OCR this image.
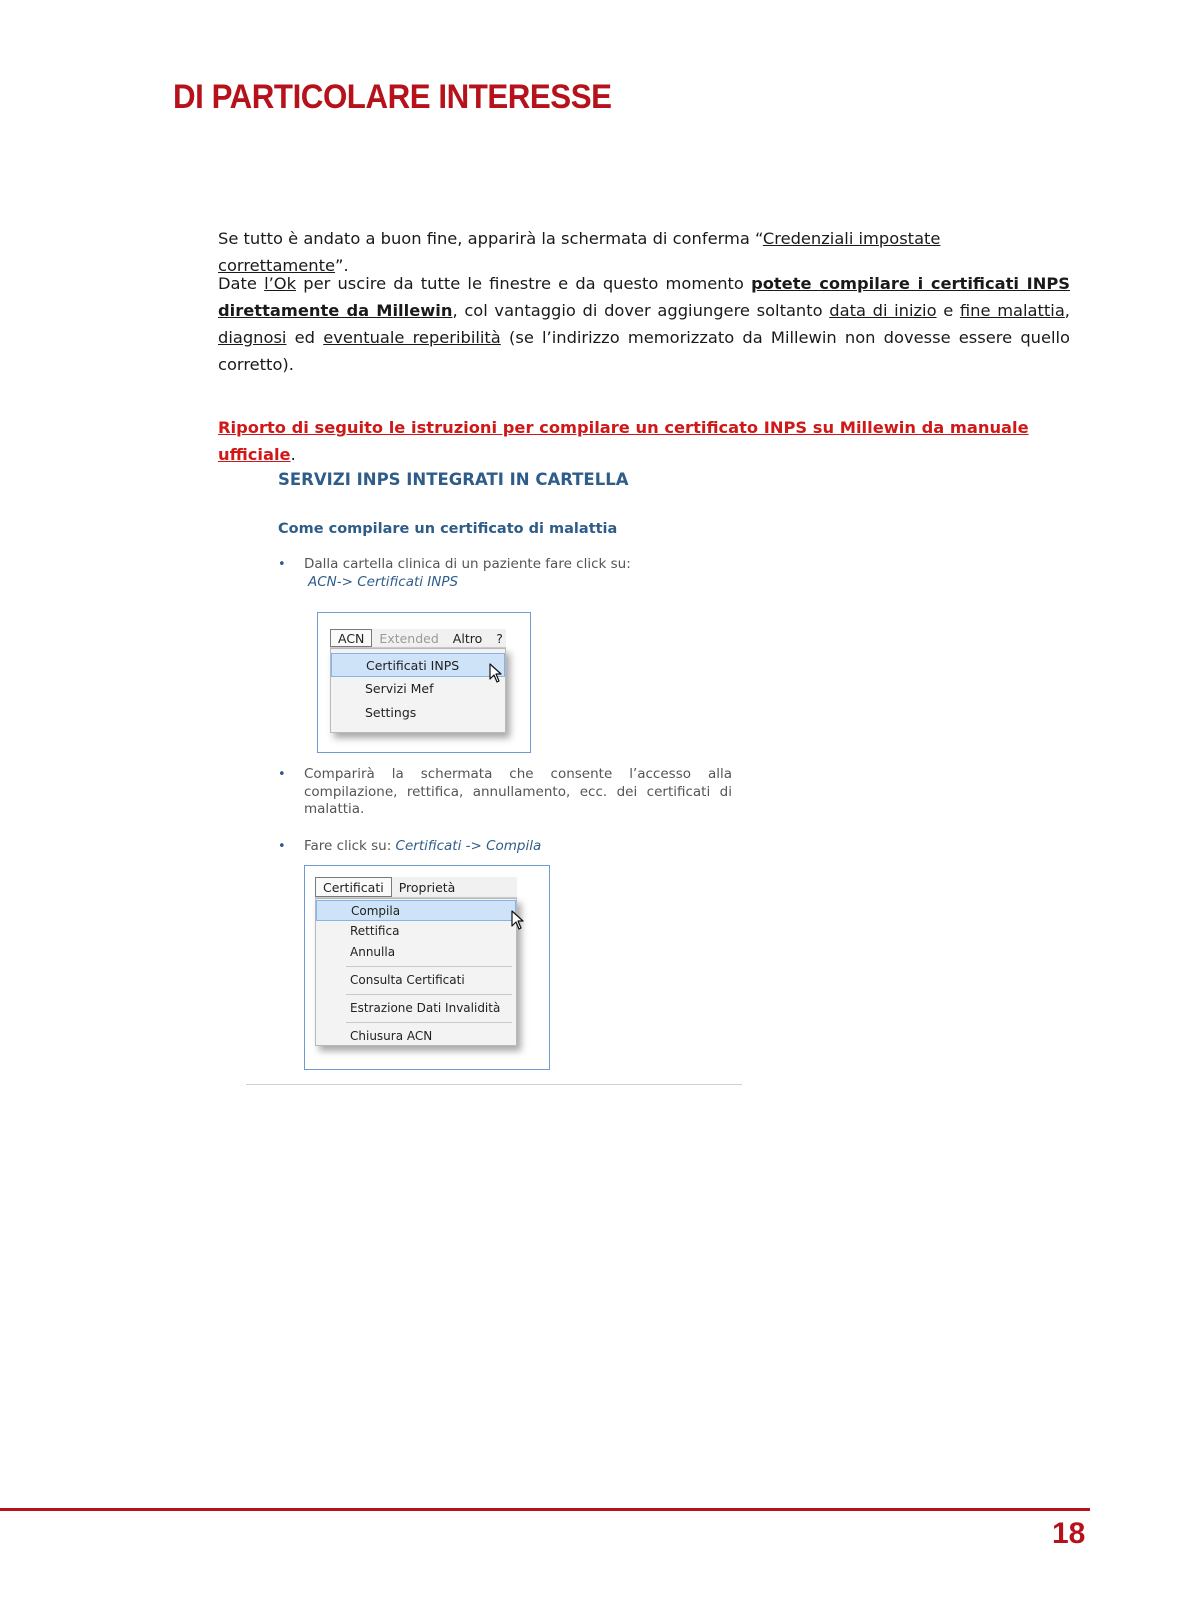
DI PARTICOLARE INTERESSE

Se tutto è andato a buon fine, apparirà la schermata di conferma “Credenziali impostate correttamente”.

Date l’Ok per uscire da tutte le finestre e da questo momento potete compilare i certificati INPS direttamente da Millewin, col vantaggio di dover aggiungere soltanto data di inizio e fine malattia, diagnosi ed eventuale reperibilità (se l’indirizzo memorizzato da Millewin non dovesse essere quello corretto).

Riporto di seguito le istruzioni per compilare un certificato INPS su Millewin da manuale ufficiale.

SERVIZI INPS INTEGRATI IN CARTELLA
Come compilare un certificato di malattia
• Dalla cartella clinica di un paziente fare click su:
ACN-> Certificati INPS
ACN	Extended	Altro	?
Certificati INPS
Servizi Mef
Settings
• Comparirà la schermata che consente l’accesso alla compilazione, rettifica, annullamento, ecc. dei certificati di malattia.
• Fare click su: Certificati -> Compila
Certificati	Proprietà
Compila
Rettifica
Annulla
Consulta Certificati
Estrazione Dati Invalidità
Chiusura ACN
18
